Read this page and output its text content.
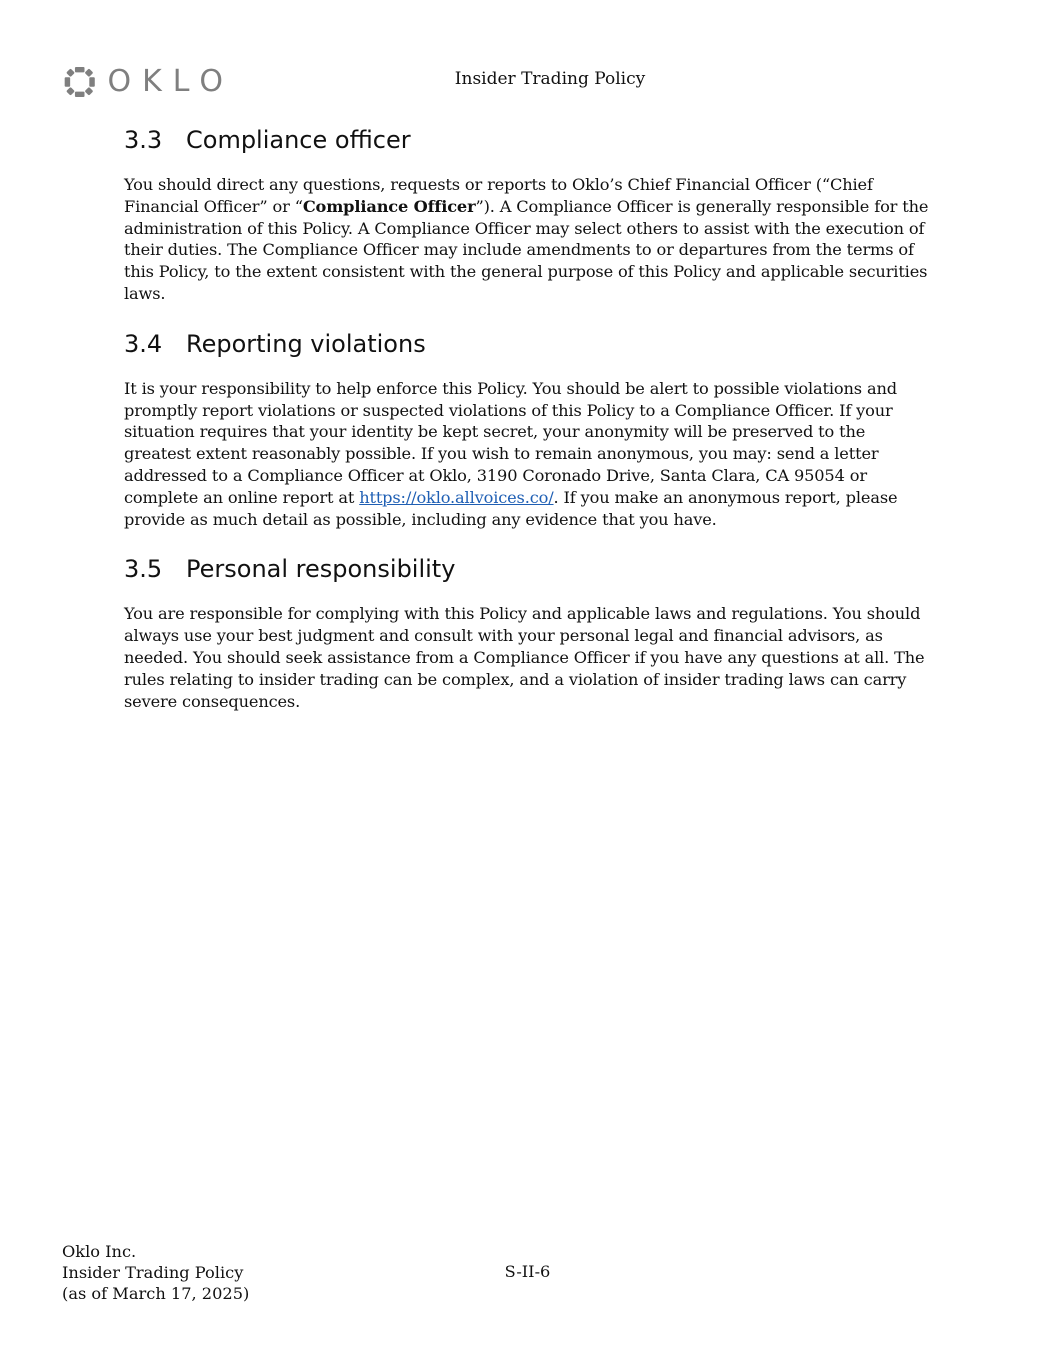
OKLO	Insider Trading Policy
3.3 Compliance officer

You should direct any questions, requests or reports to Oklo’s Chief Financial Officer (“Chief Financial Officer” or “Compliance Officer”). A Compliance Officer is generally responsible for the administration of this Policy. A Compliance Officer may select others to assist with the execution of their duties. The Compliance Officer may include amendments to or departures from the terms of this Policy, to the extent consistent with the general purpose of this Policy and applicable securities laws.

3.4 Reporting violations

It is your responsibility to help enforce this Policy. You should be alert to possible violations and promptly report violations or suspected violations of this Policy to a Compliance Officer. If your situation requires that your identity be kept secret, your anonymity will be preserved to the greatest extent reasonably possible. If you wish to remain anonymous, you may: send a letter addressed to a Compliance Officer at Oklo, 3190 Coronado Drive, Santa Clara, CA 95054 or complete an online report at https://oklo.allvoices.co/. If you make an anonymous report, please provide as much detail as possible, including any evidence that you have.

3.5 Personal responsibility

You are responsible for complying with this Policy and applicable laws and regulations. You should always use your best judgment and consult with your personal legal and financial advisors, as needed. You should seek assistance from a Compliance Officer if you have any questions at all. The rules relating to insider trading can be complex, and a violation of insider trading laws can carry severe consequences.

Oklo Inc.
Insider Trading Policy
(as of March 17, 2025)
S-II-6
